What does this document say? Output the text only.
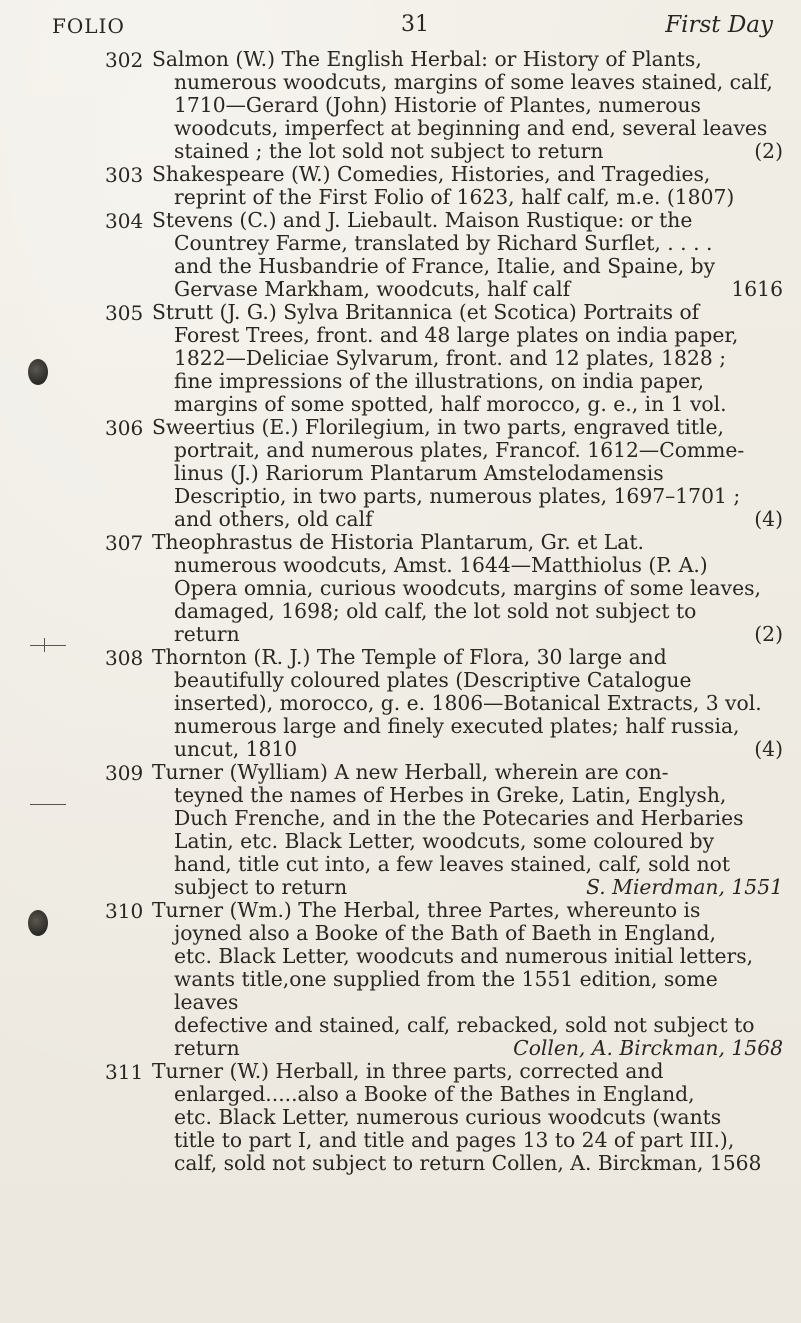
FOLIO	31	First Day
302 Salmon (W.) The English Herbal: or History of Plants,

numerous woodcuts, margins of some leaves stained, calf,

1710—Gerard (John) Historie of Plantes, numerous

woodcuts, imperfect at beginning and end, several leaves

(2)
stained ; the lot sold not subject to return

303 Shakespeare (W.) Comedies, Histories, and Tragedies,

reprint of the First Folio of 1623, half calf, m.e. (1807)

304 Stevens (C.) and J. Liebault. Maison Rustique: or the

Countrey Farme, translated by Richard Surflet, . . . .

and the Husbandrie of France, Italie, and Spaine, by

1616
Gervase Markham, woodcuts, half calf

305 Strutt (J. G.) Sylva Britannica (et Scotica) Portraits of

Forest Trees, front. and 48 large plates on india paper,

1822—Deliciae Sylvarum, front. and 12 plates, 1828 ;

fine impressions of the illustrations, on india paper,

margins of some spotted, half morocco, g. e., in 1 vol.

306 Sweertius (E.) Florilegium, in two parts, engraved title,

portrait, and numerous plates, Francof. 1612—Comme-

linus (J.) Rariorum Plantarum Amstelodamensis

Descriptio, in two parts, numerous plates, 1697–1701 ;

(4)
and others, old calf

307 Theophrastus de Historia Plantarum, Gr. et Lat.

numerous woodcuts, Amst. 1644—Matthiolus (P. A.)

Opera omnia, curious woodcuts, margins of some leaves,

damaged, 1698; old calf, the lot sold not subject to

(2)
return

308 Thornton (R. J.) The Temple of Flora, 30 large and

beautifully coloured plates (Descriptive Catalogue

inserted), morocco, g. e. 1806—Botanical Extracts, 3 vol.

numerous large and finely executed plates; half russia,

(4)
uncut, 1810

309 Turner (Wylliam) A new Herball, wherein are con-

teyned the names of Herbes in Greke, Latin, Englysh,

Duch Frenche, and in the the Potecaries and Herbaries

Latin, etc. Black Letter, woodcuts, some coloured by

hand, title cut into, a few leaves stained, calf, sold not

S. Mierdman, 1551
subject to return

310 Turner (Wm.) The Herbal, three Partes, whereunto is

joyned also a Booke of the Bath of Baeth in England,

etc. Black Letter, woodcuts and numerous initial letters,

wants title,one supplied from the 1551 edition, some leaves

defective and stained, calf, rebacked, sold not subject to

Collen, A. Birckman, 1568
return

311 Turner (W.) Herball, in three parts, corrected and

enlarged.....also a Booke of the Bathes in England,

etc. Black Letter, numerous curious woodcuts (wants

title to part I, and title and pages 13 to 24 of part III.),

calf, sold not subject to return Collen, A. Birckman, 1568
